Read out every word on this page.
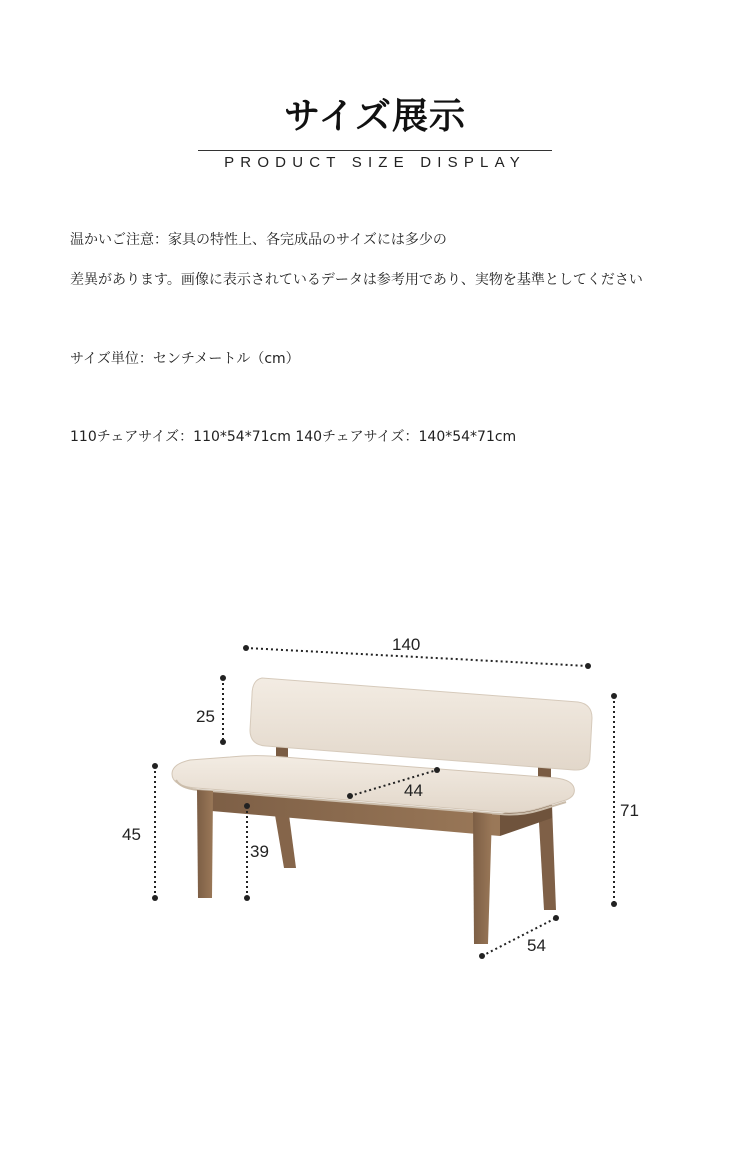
サイズ展示
PRODUCT SIZE DISPLAY
温かいご注意：家具の特性上、各完成品のサイズには多少の
差異があります。画像に表示されているデータは参考用であり、実物を基準としてください
サイズ単位：センチメートル（cm）
110チェアサイズ：110*54*71cm 140チェアサイズ：140*54*71cm
140
25
45
39
44
71
54
